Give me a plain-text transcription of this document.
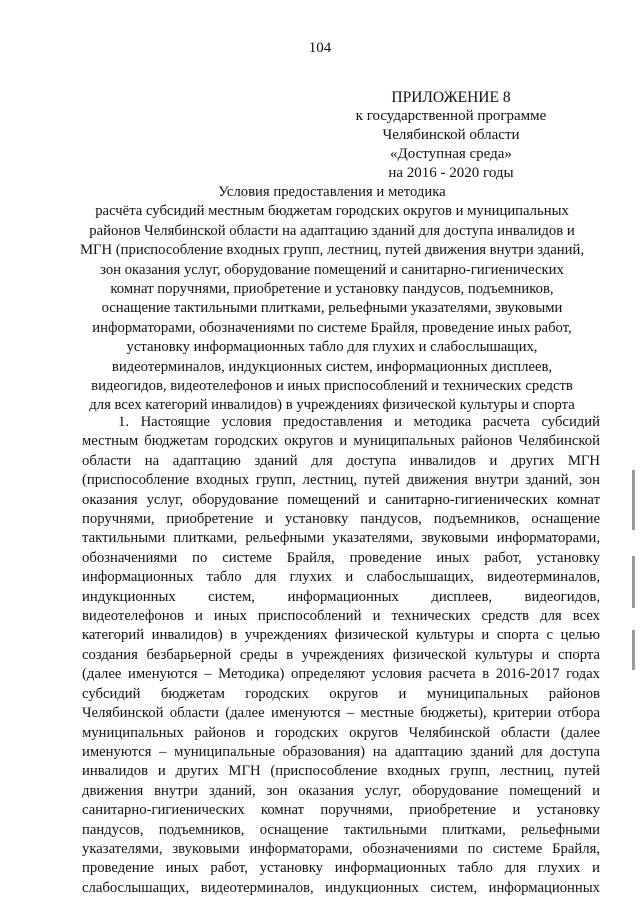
104
ПРИЛОЖЕНИЕ 8
к государственной программе
Челябинской области
«Доступная среда»
на 2016 - 2020 годы
Условия предоставления и методика
расчёта субсидий местным бюджетам городских округов и муниципальных
районов Челябинской области на адаптацию зданий для доступа инвалидов и
МГН (приспособление входных групп, лестниц, путей движения внутри зданий,
зон оказания услуг, оборудование помещений и санитарно-гигиенических
комнат поручнями, приобретение и установку пандусов, подъемников,
оснащение тактильными плитками, рельефными указателями, звуковыми
информаторами, обозначениями по системе Брайля, проведение иных работ,
установку информационных табло для глухих и слабослышащих,
видеотерминалов, индукционных систем, информационных дисплеев,
видеогидов, видеотелефонов и иных приспособлений и технических средств
для всех категорий инвалидов) в учреждениях физической культуры и спорта
1. Настоящие условия предоставления и методика расчета субсидий
местным бюджетам городских округов и муниципальных районов Челябинской
области на адаптацию зданий для доступа инвалидов и других МГН
(приспособление входных групп, лестниц, путей движения внутри зданий, зон
оказания услуг, оборудование помещений и санитарно-гигиенических комнат
поручнями, приобретение и установку пандусов, подъемников, оснащение
тактильными плитками, рельефными указателями, звуковыми информаторами,
обозначениями по системе Брайля, проведение иных работ, установку
информационных табло для глухих и слабослышащих, видеотерминалов,
индукционных систем, информационных дисплеев, видеогидов,
видеотелефонов и иных приспособлений и технических средств для всех
категорий инвалидов) в учреждениях физической культуры и спорта с целью
создания безбарьерной среды в учреждениях физической культуры и спорта
(далее именуются – Методика) определяют условия расчета в 2016-2017 годах
субсидий бюджетам городских округов и муниципальных районов
Челябинской области (далее именуются – местные бюджеты), критерии отбора
муниципальных районов и городских округов Челябинской области (далее
именуются – муниципальные образования) на адаптацию зданий для доступа
инвалидов и других МГН (приспособление входных групп, лестниц, путей
движения внутри зданий, зон оказания услуг, оборудование помещений и
санитарно-гигиенических комнат поручнями, приобретение и установку
пандусов, подъемников, оснащение тактильными плитками, рельефными
указателями, звуковыми информаторами, обозначениями по системе Брайля,
проведение иных работ, установку информационных табло для глухих и
слабослышащих, видеотерминалов, индукционных систем, информационных
